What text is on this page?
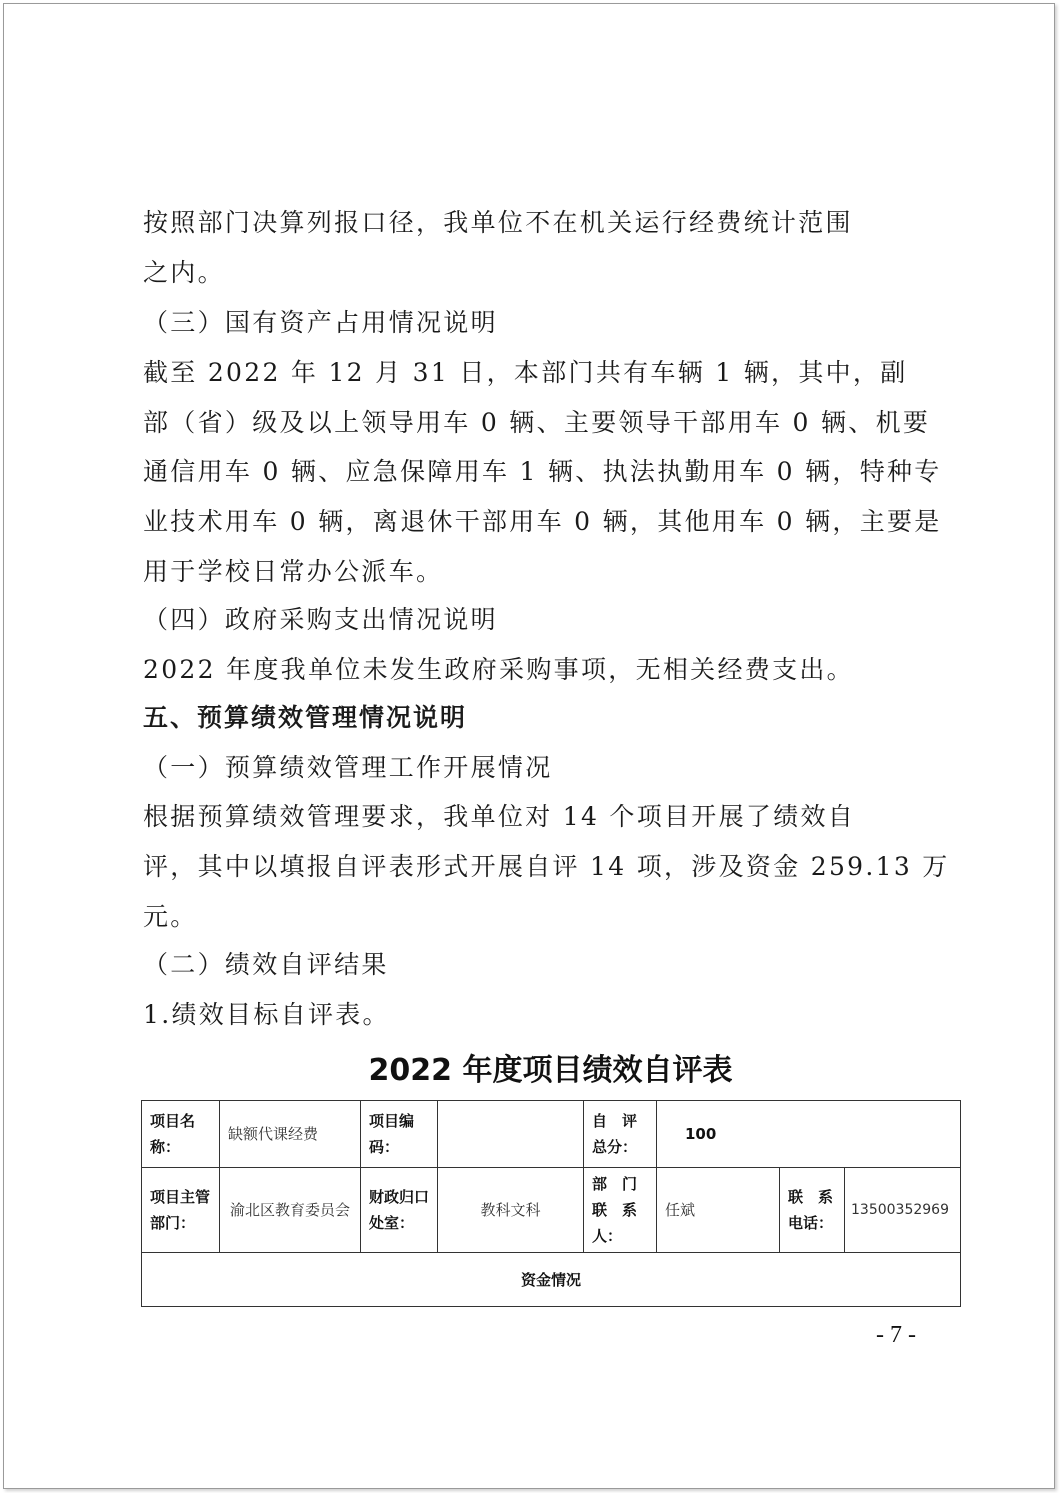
按照部门决算列报口径，我单位不在机关运行经费统计范围
之内。
（三）国有资产占用情况说明
截至 2022 年 12 月 31 日，本部门共有车辆 1 辆，其中，副
部（省）级及以上领导用车 0 辆、主要领导干部用车 0 辆、机要
通信用车 0 辆、应急保障用车 1 辆、执法执勤用车 0 辆，特种专
业技术用车 0 辆，离退休干部用车 0 辆，其他用车 0 辆，主要是
用于学校日常办公派车。
（四）政府采购支出情况说明
2022 年度我单位未发生政府采购事项，无相关经费支出。
五、预算绩效管理情况说明
（一）预算绩效管理工作开展情况
根据预算绩效管理要求，我单位对 14 个项目开展了绩效自
评，其中以填报自评表形式开展自评 14 项，涉及资金 259.13 万
元。
（二）绩效自评结果
1.绩效目标自评表。
2022 年度项目绩效自评表
项目名称：	缺额代课经费	项目编码：		自　评总分：	100		
项目主管　部门：	渝北区教育委员会	财政归口　处室：	教科文科	部　门联　系人：	任斌	联　系电话：	13500352969
资金情况							
- 7 -
